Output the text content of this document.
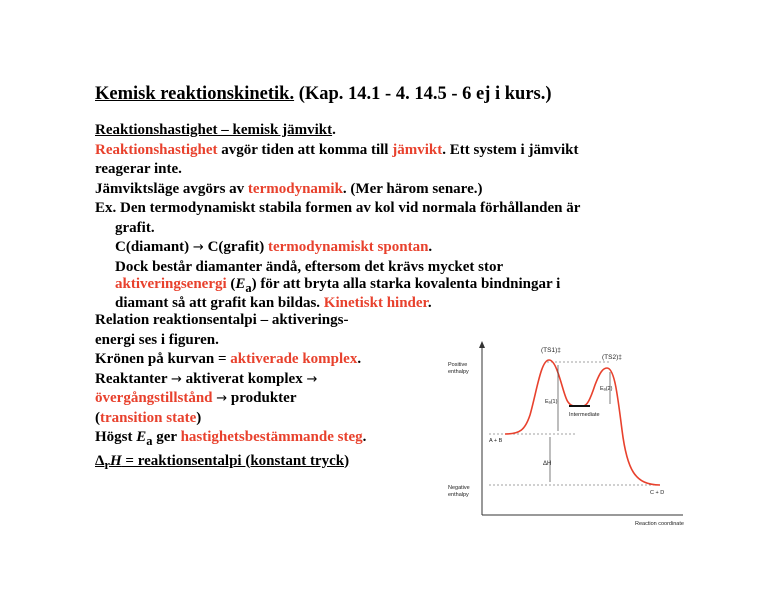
Kemisk reaktionskinetik. (Kap. 14.1 - 4. 14.5 - 6 ej i kurs.)
Reaktionshastighet – kemisk jämvikt.
Reaktionshastighet avgör tiden att komma till jämvikt. Ett system i jämvikt
reagerar inte.
Jämviktsläge avgörs av termodynamik. (Mer härom senare.)
Ex. Den termodynamiskt stabila formen av kol vid normala förhållanden är
grafit.
C(diamant) → C(grafit) termodynamiskt spontan.
Dock består diamanter ändå, eftersom det krävs mycket stor
aktiveringsenergi $(E_a)$ för att bryta alla starka kovalenta bindningar i
diamant så att grafit kan bildas. Kinetiskt hinder.
Relation reaktionsentalpi – aktiverings-
energi ses i figuren.
Krönen på kurvan = aktiverade komplex.
Reaktanter → aktiverat komplex →
övergångstillstånd → produkter
(transition state)
Högst $E_a$ ger hastighetsbestämmande steg.
$\Delta_rH$ = reaktionsentalpi (konstant tryck)
(TS1)‡
(TS2)‡
Positive
enthalpy
Eₐ(1)
Eₐ(2)
Intermediate
A + B
ΔH
Negative
enthalpy	C + D
Reaction coordinate
